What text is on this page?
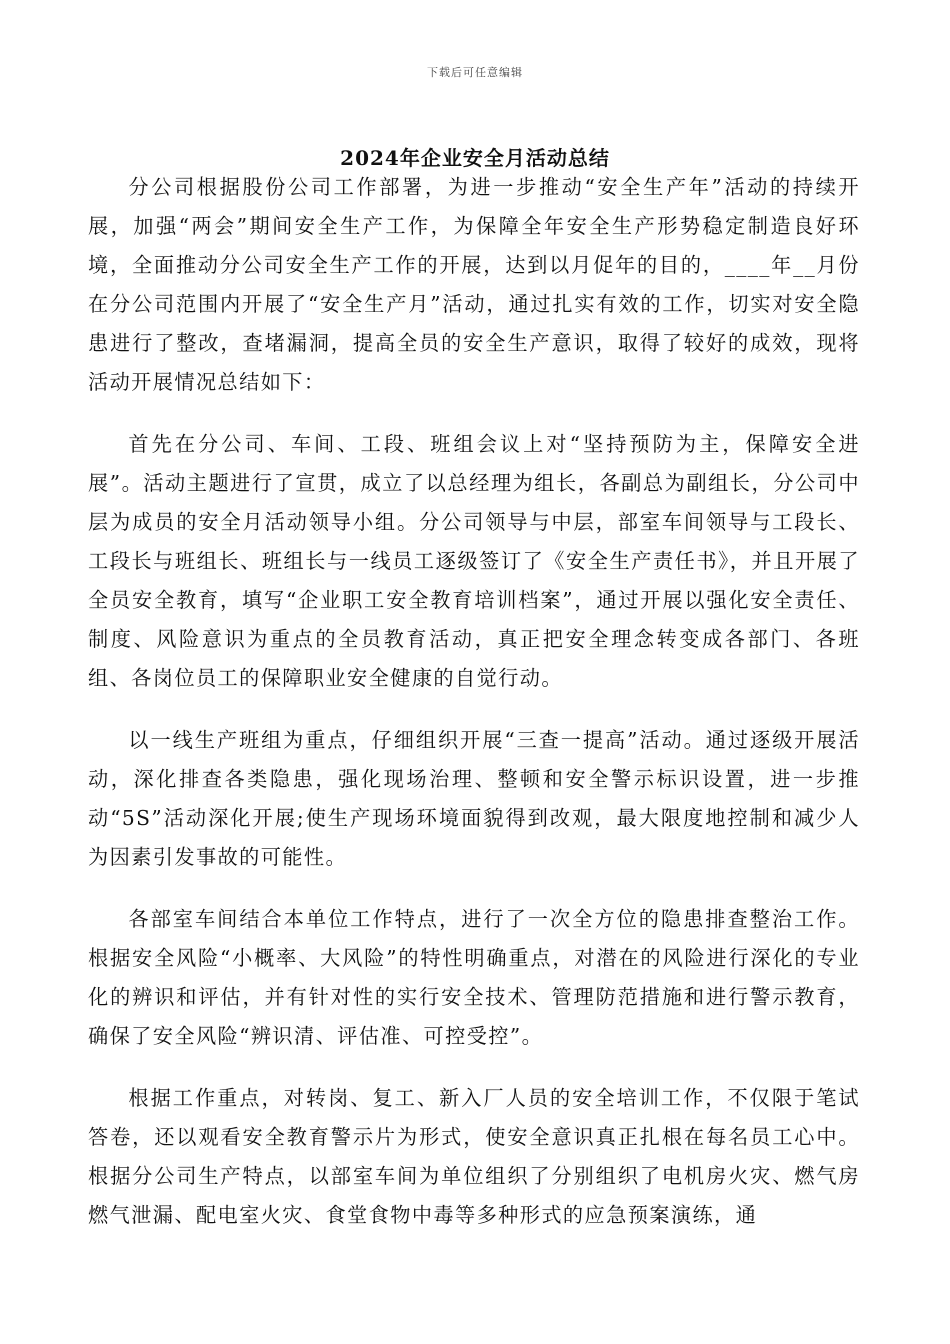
下载后可任意编辑
2024年企业安全月活动总结

分公司根据股份公司工作部署，为进一步推动“安全生产年”活动的持续开展，加强“两会”期间安全生产工作，为保障全年安全生产形势稳定制造良好环境，全面推动分公司安全生产工作的开展，达到以月促年的目的，____年__月份在分公司范围内开展了“安全生产月”活动，通过扎实有效的工作，切实对安全隐患进行了整改，查堵漏洞，提高全员的安全生产意识，取得了较好的成效，现将活动开展情况总结如下：

首先在分公司、车间、工段、班组会议上对“坚持预防为主，保障安全进展”。活动主题进行了宣贯，成立了以总经理为组长，各副总为副组长，分公司中层为成员的安全月活动领导小组。分公司领导与中层，部室车间领导与工段长、工段长与班组长、班组长与一线员工逐级签订了《安全生产责任书》，并且开展了全员安全教育，填写“企业职工安全教育培训档案”，通过开展以强化安全责任、制度、风险意识为重点的全员教育活动，真正把安全理念转变成各部门、各班组、各岗位员工的保障职业安全健康的自觉行动。

以一线生产班组为重点，仔细组织开展“三查一提高”活动。通过逐级开展活动，深化排查各类隐患，强化现场治理、整顿和安全警示标识设置，进一步推动“5S”活动深化开展;使生产现场环境面貌得到改观，最大限度地控制和减少人为因素引发事故的可能性。

各部室车间结合本单位工作特点，进行了一次全方位的隐患排查整治工作。根据安全风险“小概率、大风险”的特性明确重点，对潜在的风险进行深化的专业化的辨识和评估，并有针对性的实行安全技术、管理防范措施和进行警示教育，确保了安全风险“辨识清、评估准、可控受控”。

根据工作重点，对转岗、复工、新入厂人员的安全培训工作，不仅限于笔试答卷，还以观看安全教育警示片为形式，使安全意识真正扎根在每名员工心中。根据分公司生产特点，以部室车间为单位组织了分别组织了电机房火灾、燃气房燃气泄漏、配电室火灾、食堂食物中毒等多种形式的应急预案演练，通
